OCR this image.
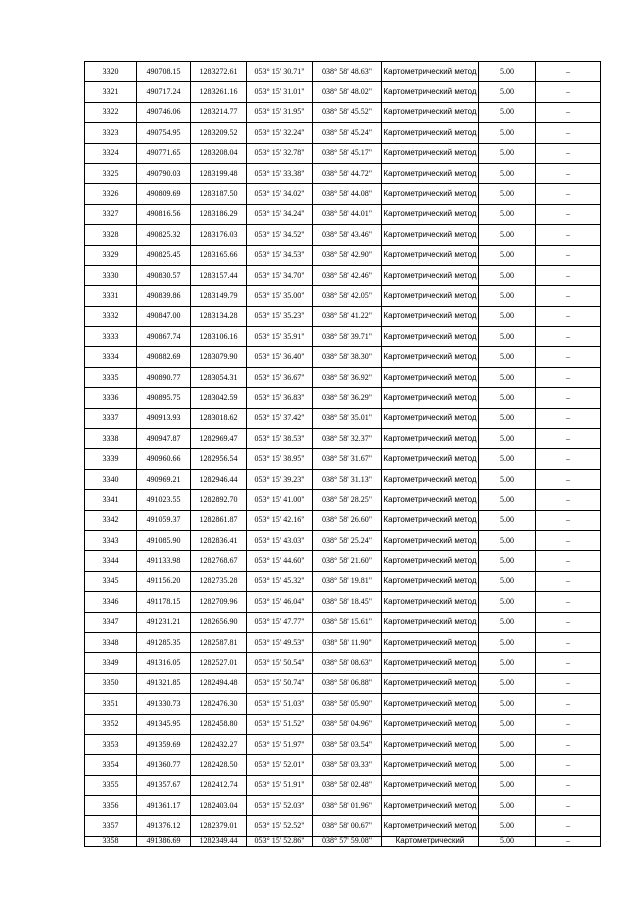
3320	490708.15	1283272.61	053° 15' 30.71"	038° 58' 48.63"	Картометрический метод	5.00	–
3321	490717.24	1283261.16	053° 15' 31.01"	038° 58' 48.02"	Картометрический метод	5.00	–
3322	490746.06	1283214.77	053° 15' 31.95"	038° 58' 45.52"	Картометрический метод	5.00	–
3323	490754.95	1283209.52	053° 15' 32.24"	038° 58' 45.24"	Картометрический метод	5.00	–
3324	490771.65	1283208.04	053° 15' 32.78"	038° 58' 45.17"	Картометрический метод	5.00	–
3325	490790.03	1283199.48	053° 15' 33.38"	038° 58' 44.72"	Картометрический метод	5.00	–
3326	490809.69	1283187.50	053° 15' 34.02"	038° 58' 44.08"	Картометрический метод	5.00	–
3327	490816.56	1283186.29	053° 15' 34.24"	038° 58' 44.01"	Картометрический метод	5.00	–
3328	490825.32	1283176.03	053° 15' 34.52"	038° 58' 43.46"	Картометрический метод	5.00	–
3329	490825.45	1283165.66	053° 15' 34.53"	038° 58' 42.90"	Картометрический метод	5.00	–
3330	490830.57	1283157.44	053° 15' 34.70"	038° 58' 42.46"	Картометрический метод	5.00	–
3331	490839.86	1283149.79	053° 15' 35.00"	038° 58' 42.05"	Картометрический метод	5.00	–
3332	490847.00	1283134.28	053° 15' 35.23"	038° 58' 41.22"	Картометрический метод	5.00	–
3333	490867.74	1283106.16	053° 15' 35.91"	038° 58' 39.71"	Картометрический метод	5.00	–
3334	490882.69	1283079.90	053° 15' 36.40"	038° 58' 38.30"	Картометрический метод	5.00	–
3335	490890.77	1283054.31	053° 15' 36.67"	038° 58' 36.92"	Картометрический метод	5.00	–
3336	490895.75	1283042.59	053° 15' 36.83"	038° 58' 36.29"	Картометрический метод	5.00	–
3337	490913.93	1283018.62	053° 15' 37.42"	038° 58' 35.01"	Картометрический метод	5.00	–
3338	490947.87	1282969.47	053° 15' 38.53"	038° 58' 32.37"	Картометрический метод	5.00	–
3339	490960.66	1282956.54	053° 15' 38.95"	038° 58' 31.67"	Картометрический метод	5.00	–
3340	490969.21	1282946.44	053° 15' 39.23"	038° 58' 31.13"	Картометрический метод	5.00	–
3341	491023.55	1282892.70	053° 15' 41.00"	038° 58' 28.25"	Картометрический метод	5.00	–
3342	491059.37	1282861.87	053° 15' 42.16"	038° 58' 26.60"	Картометрический метод	5.00	–
3343	491085.90	1282836.41	053° 15' 43.03"	038° 58' 25.24"	Картометрический метод	5.00	–
3344	491133.98	1282768.67	053° 15' 44.60"	038° 58' 21.60"	Картометрический метод	5.00	–
3345	491156.20	1282735.28	053° 15' 45.32"	038° 58' 19.81"	Картометрический метод	5.00	–
3346	491178.15	1282709.96	053° 15' 46.04"	038° 58' 18.45"	Картометрический метод	5.00	–
3347	491231.21	1282656.90	053° 15' 47.77"	038° 58' 15.61"	Картометрический метод	5.00	–
3348	491285.35	1282587.81	053° 15' 49.53"	038° 58' 11.90"	Картометрический метод	5.00	–
3349	491316.05	1282527.01	053° 15' 50.54"	038° 58' 08.63"	Картометрический метод	5.00	–
3350	491321.85	1282494.48	053° 15' 50.74"	038° 58' 06.88"	Картометрический метод	5.00	–
3351	491330.73	1282476.30	053° 15' 51.03"	038° 58' 05.90"	Картометрический метод	5.00	–
3352	491345.95	1282458.80	053° 15' 51.52"	038° 58' 04.96"	Картометрический метод	5.00	–
3353	491359.69	1282432.27	053° 15' 51.97"	038° 58' 03.54"	Картометрический метод	5.00	–
3354	491360.77	1282428.50	053° 15' 52.01"	038° 58' 03.33"	Картометрический метод	5.00	–
3355	491357.67	1282412.74	053° 15' 51.91"	038° 58' 02.48"	Картометрический метод	5.00	–
3356	491361.17	1282403.04	053° 15' 52.03"	038° 58' 01.96"	Картометрический метод	5.00	–
3357	491376.12	1282379.01	053° 15' 52.52"	038° 58' 00.67"	Картометрический метод	5.00	–
3358	491386.69	1282349.44	053° 15' 52.86"	038° 57' 59.08"	Картометрический	5.00	–
